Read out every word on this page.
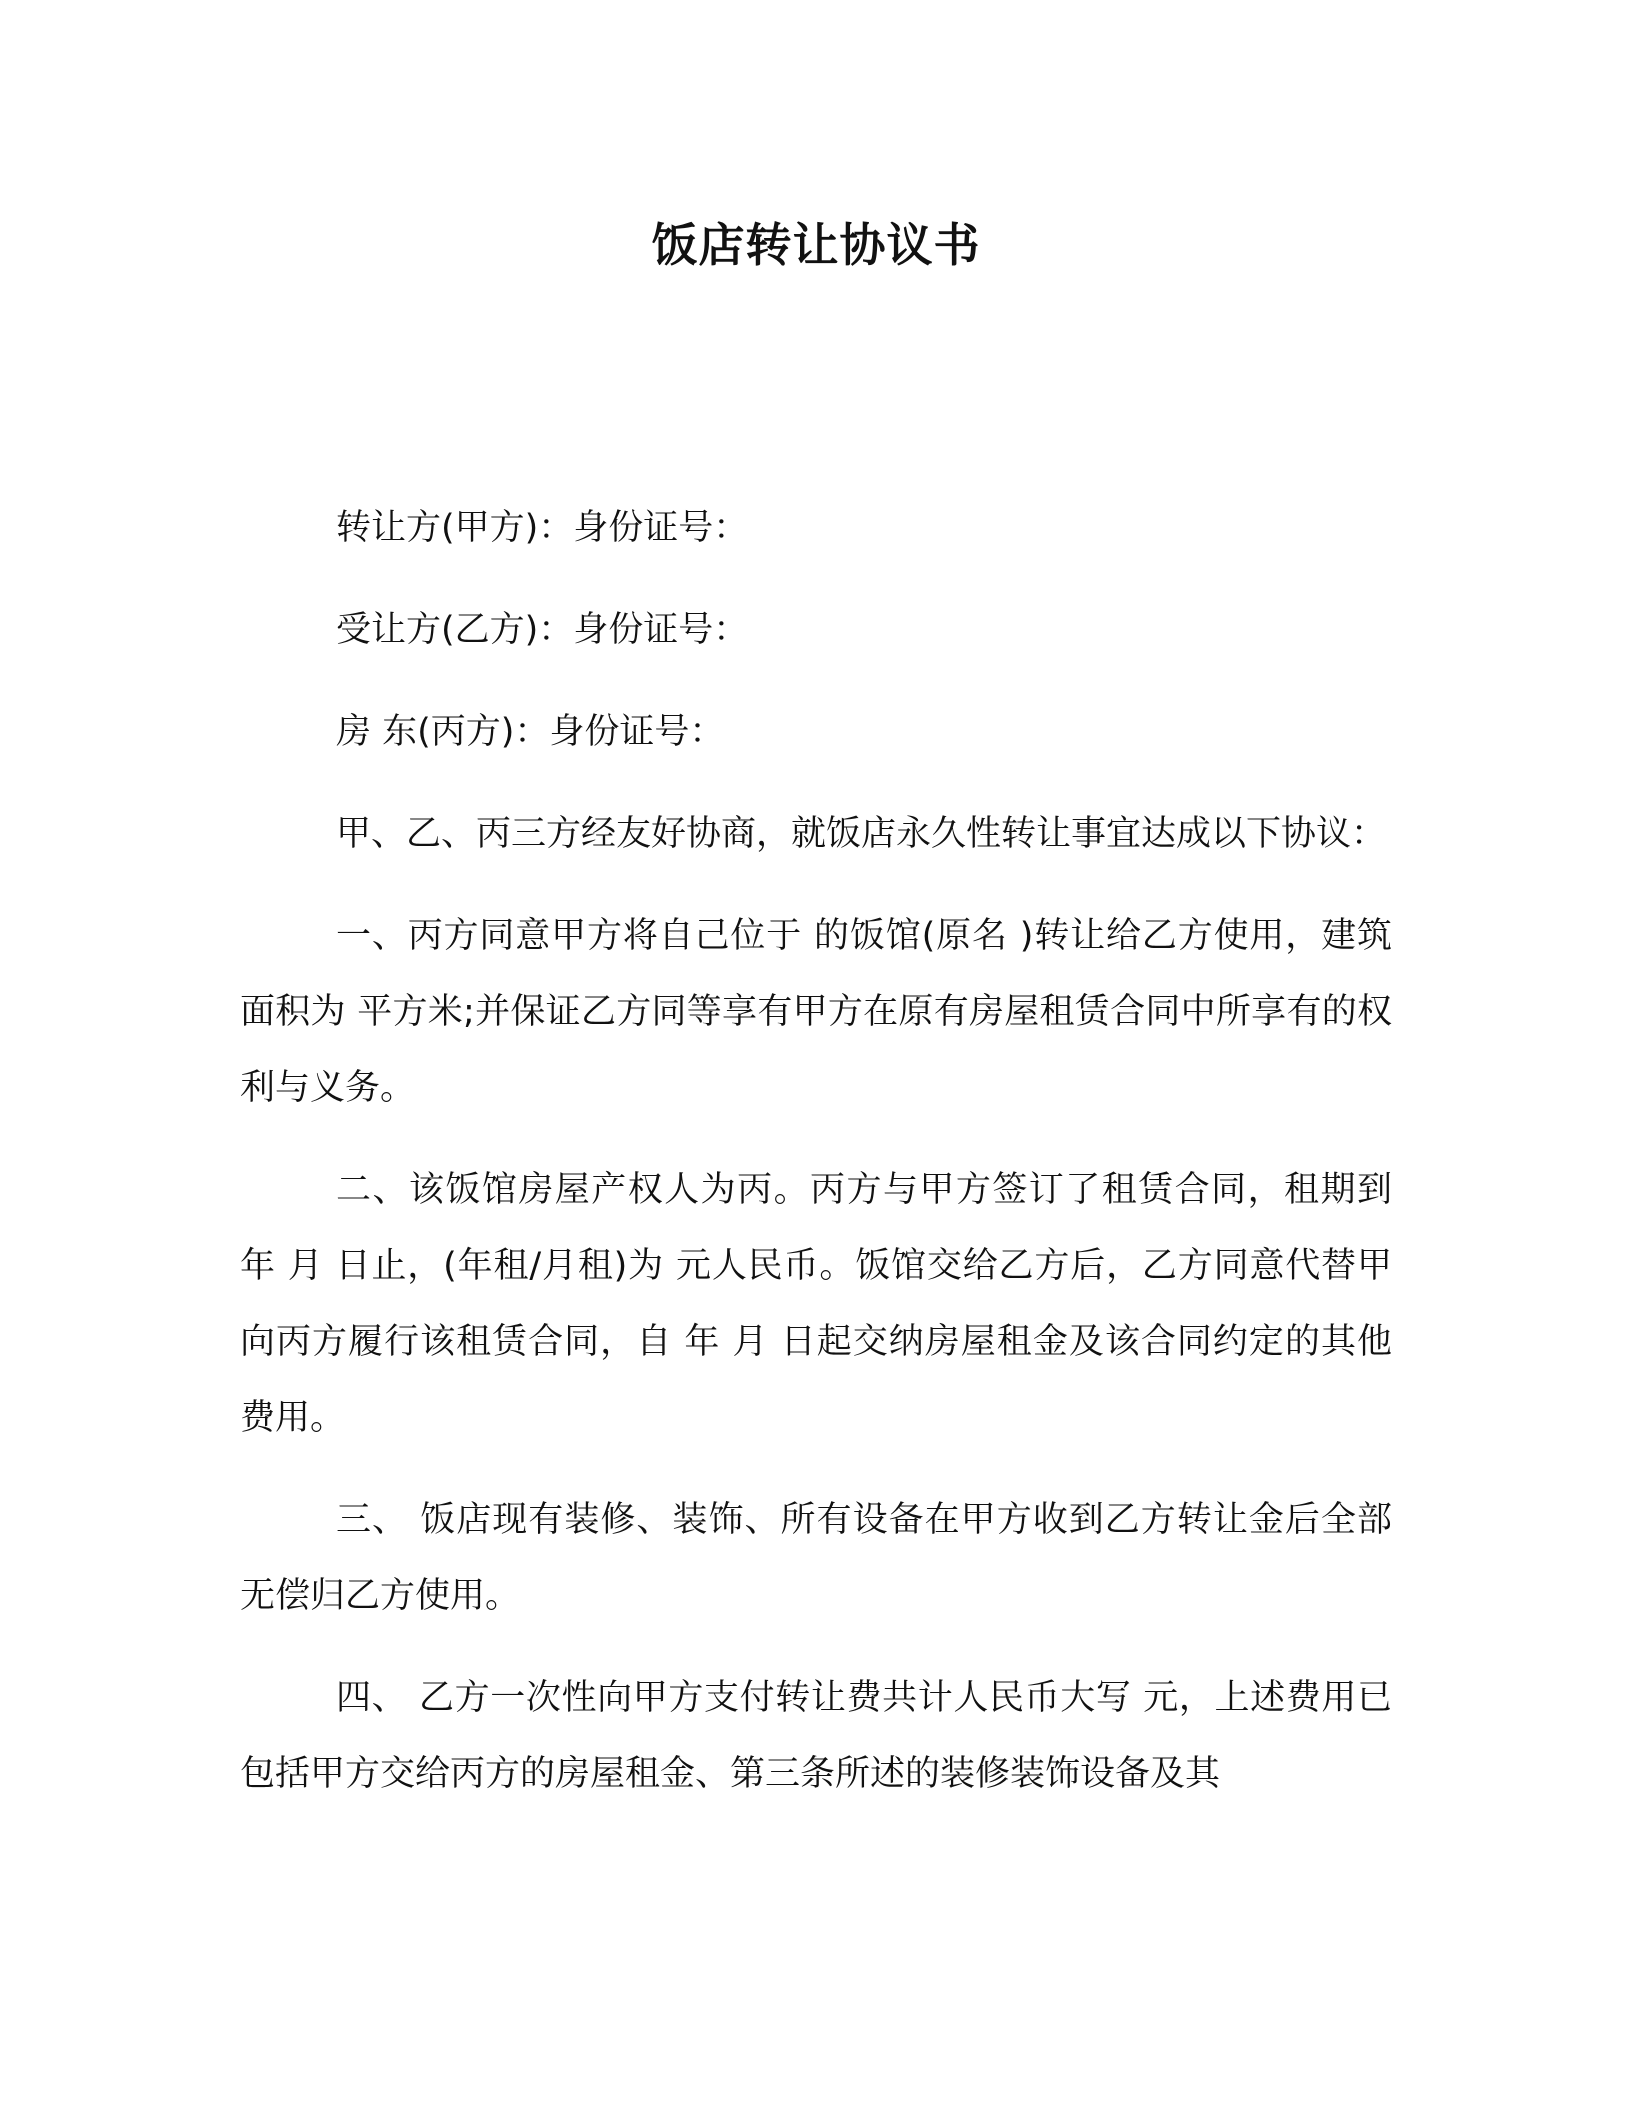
饭店转让协议书

转让方(甲方)：身份证号：

受让方(乙方)：身份证号：

房 东(丙方)：身份证号：

甲、乙、丙三方经友好协商，就饭店永久性转让事宜达成以下协议：

一、丙方同意甲方将自己位于 的饭馆(原名 )转让给乙方使用，建筑面积为 平方米;并保证乙方同等享有甲方在原有房屋租赁合同中所享有的权利与义务。

二、该饭馆房屋产权人为丙。丙方与甲方签订了租赁合同，租期到 年 月 日止，(年租/月租)为 元人民币。饭馆交给乙方后，乙方同意代替甲向丙方履行该租赁合同，自 年 月 日起交纳房屋租金及该合同约定的其他费用。

三、 饭店现有装修、装饰、所有设备在甲方收到乙方转让金后全部无偿归乙方使用。

四、 乙方一次性向甲方支付转让费共计人民币大写 元，上述费用已包括甲方交给丙方的房屋租金、第三条所述的装修装饰设备及其
